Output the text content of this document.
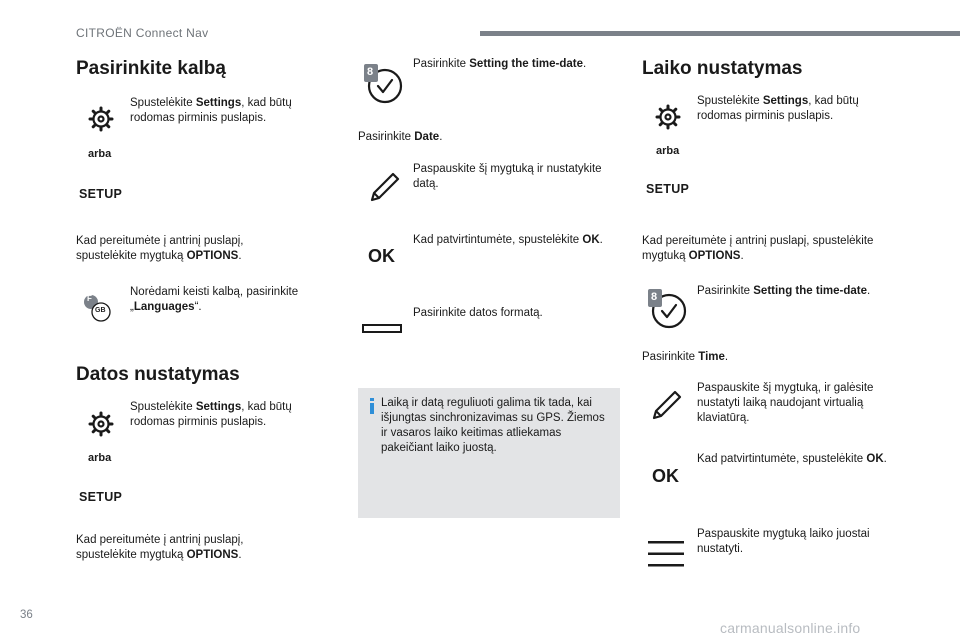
CITROËN Connect Nav
Pasirinkite kalbą
Spustelėkite Settings, kad būtų rodomas pirminis puslapis.
arba
SETUP
Kad pereitumėte į antrinį puslapį, spustelėkite mygtuką OPTIONS.
F
GB
Norėdami keisti kalbą, pasirinkite „Languages“.
Datos nustatymas
Spustelėkite Settings, kad būtų rodomas pirminis puslapis.
arba
SETUP
Kad pereitumėte į antrinį puslapį, spustelėkite mygtuką OPTIONS.
8
Pasirinkite Setting the time-date.
Pasirinkite Date.
Paspauskite šį mygtuką ir nustatykite datą.
OK
Kad patvirtintumėte, spustelėkite OK.
Pasirinkite datos formatą.
Laiką ir datą reguliuoti galima tik tada, kai išjungtas sinchronizavimas su GPS. Žiemos ir vasaros laiko keitimas atliekamas pakeičiant laiko juostą.
Laiko nustatymas
Spustelėkite Settings, kad būtų rodomas pirminis puslapis.
arba
SETUP
Kad pereitumėte į antrinį puslapį, spustelėkite mygtuką OPTIONS.
8	Pasirinkite Setting the time-date.
Pasirinkite Time.
Paspauskite šį mygtuką, ir galėsite nustatyti laiką naudojant virtualią klaviatūrą.
OK
Kad patvirtintumėte, spustelėkite OK.
Paspauskite mygtuką laiko juostai nustatyti.
36
carmanualsonline.info
